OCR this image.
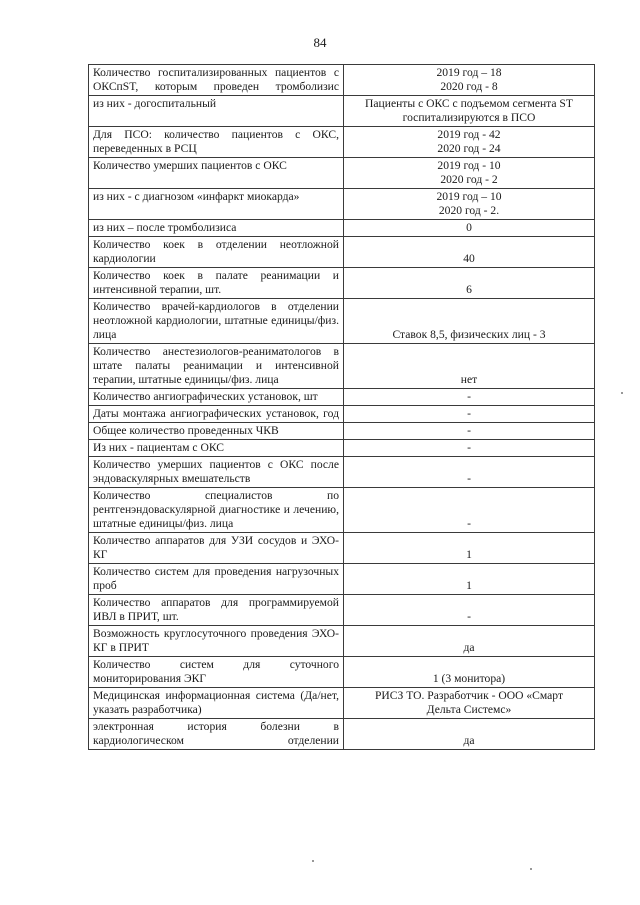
84
Количество госпитализированных пациентов с ОКСпST, которым проведен тромболизис	2019 год – 18
2020 год - 8

из них - догоспитальный	Пациенты с ОКС с подъемом сегмента ST
госпитализируются в ПСО

Для ПСО: количество пациентов с ОКС, переведенных в РСЦ	2019 год - 42
2020 год - 24

Количество умерших пациентов с ОКС	2019 год - 10
2020 год - 2

из них - с диагнозом «инфаркт миокарда»	2019 год – 10
2020 год - 2.

из них – после тромболизиса	0
Количество коек в отделении неотложной кардиологии	40
Количество коек в палате реанимации и интенсивной терапии, шт.	6
Количество врачей-кардиологов в отделении неотложной кардиологии, штатные единицы/физ. лица	Ставок 8,5, физических лиц - 3
Количество анестезиологов-реаниматологов в штате палаты реанимации и интенсивной терапии, штатные единицы/физ. лица	нет
Количество ангиографических установок, шт	-
Даты монтажа ангиографических установок, год	-
Общее количество проведенных ЧКВ	-
Из них - пациентам с ОКС	-
Количество умерших пациентов с ОКС после эндоваскулярных вмешательств	-
Количество специалистов по рентгенэндоваскулярной диагностике и лечению, штатные единицы/физ. лица	-
Количество аппаратов для УЗИ сосудов и ЭХО-КГ	1
Количество систем для проведения нагрузочных проб	1
Количество аппаратов для программируемой ИВЛ в ПРИТ, шт.	-
Возможность круглосуточного проведения ЭХО-КГ в ПРИТ	да
Количество систем для суточного мониторирования ЭКГ	1 (3 монитора)
Медицинская информационная система (Да/нет, указать разработчика)	РИСЗ ТО. Разработчик - ООО «Смарт
Дельта Системс»

электронная история болезни в кардиологическом отделении	да
